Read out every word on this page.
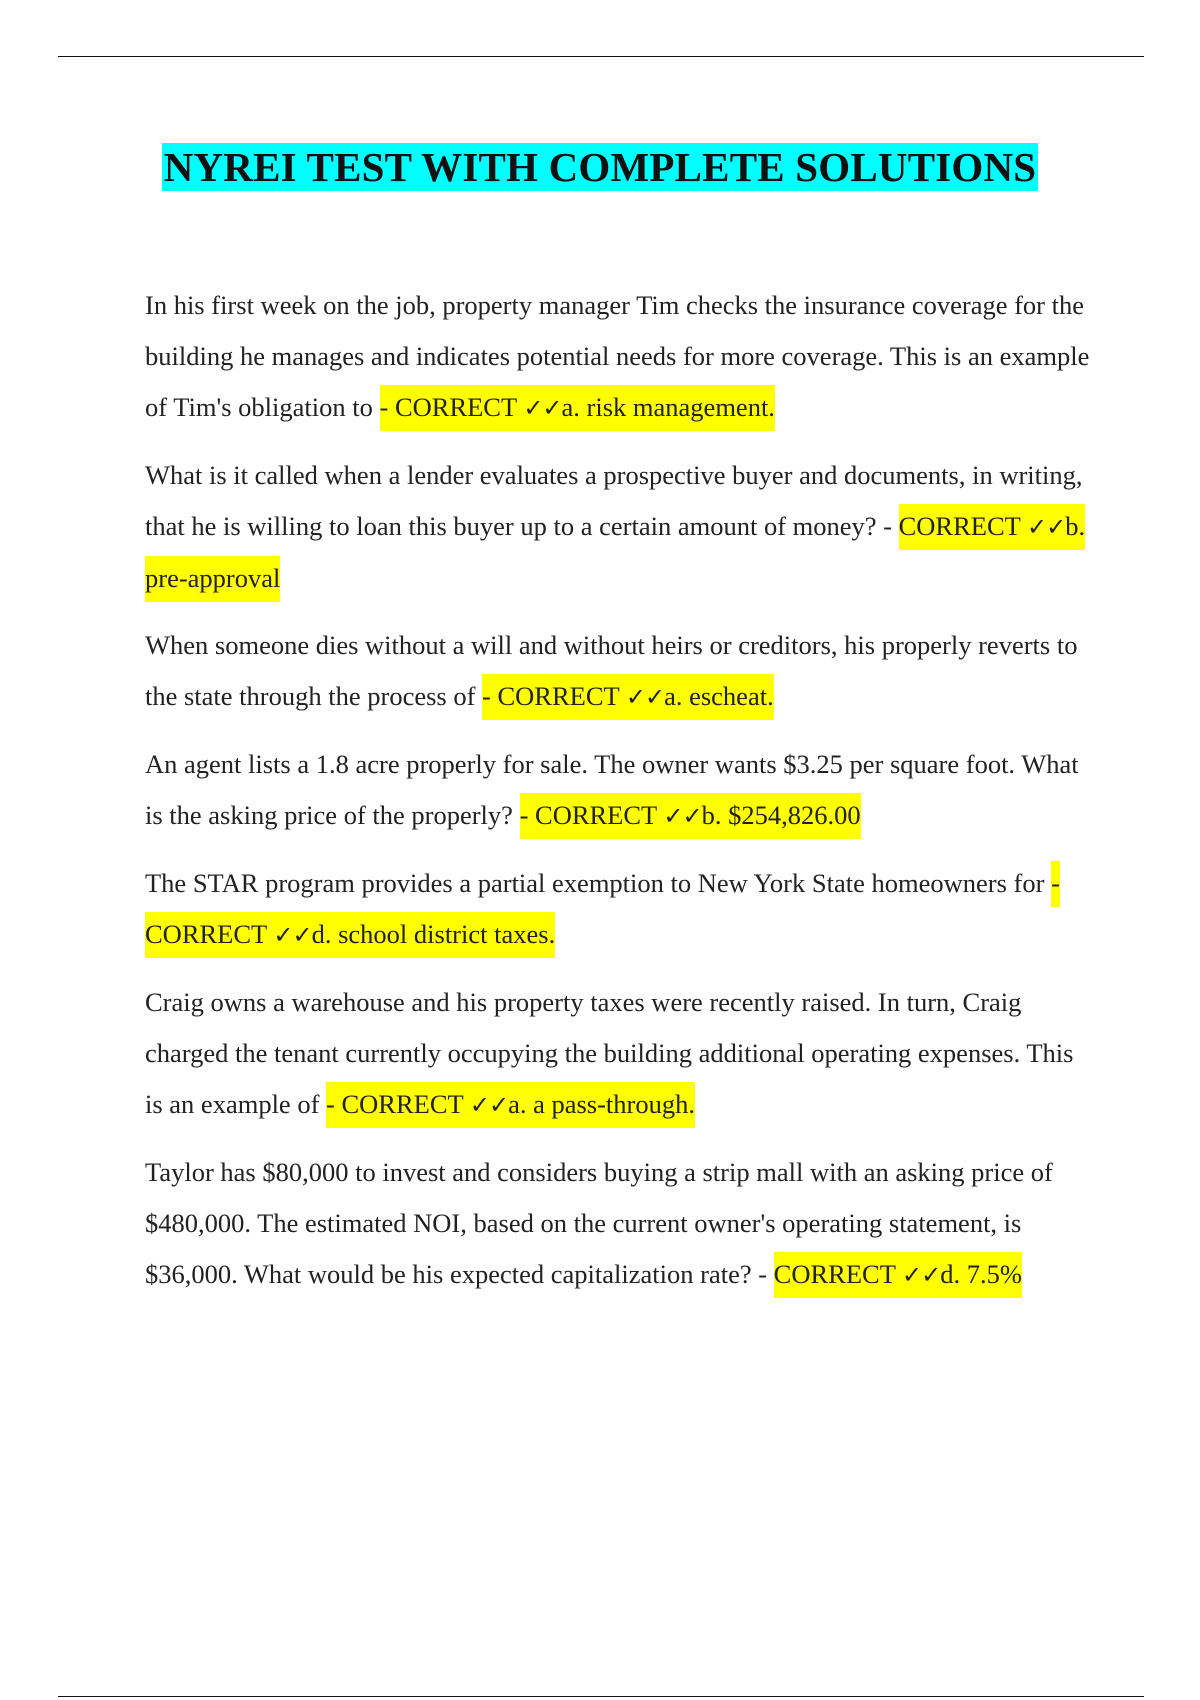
NYREI TEST WITH COMPLETE SOLUTIONS

In his first week on the job, property manager Tim checks the insurance coverage for the building he manages and indicates potential needs for more coverage. This is an example of Tim's obligation to - CORRECT ✓✓a. risk management.

What is it called when a lender evaluates a prospective buyer and documents, in writing, that he is willing to loan this buyer up to a certain amount of money? - CORRECT ✓✓b. pre-approval

When someone dies without a will and without heirs or creditors, his properly reverts to the state through the process of - CORRECT ✓✓a. escheat.

An agent lists a 1.8 acre properly for sale. The owner wants $3.25 per square foot. What is the asking price of the properly? - CORRECT ✓✓b. $254,826.00

The STAR program provides a partial exemption to New York State homeowners for - CORRECT ✓✓d. school district taxes.

Craig owns a warehouse and his property taxes were recently raised. In turn, Craig charged the tenant currently occupying the building additional operating expenses. This is an example of - CORRECT ✓✓a. a pass-through.

Taylor has $80,000 to invest and considers buying a strip mall with an asking price of $480,000. The estimated NOI, based on the current owner's operating statement, is $36,000. What would be his expected capitalization rate? - CORRECT ✓✓d. 7.5%
